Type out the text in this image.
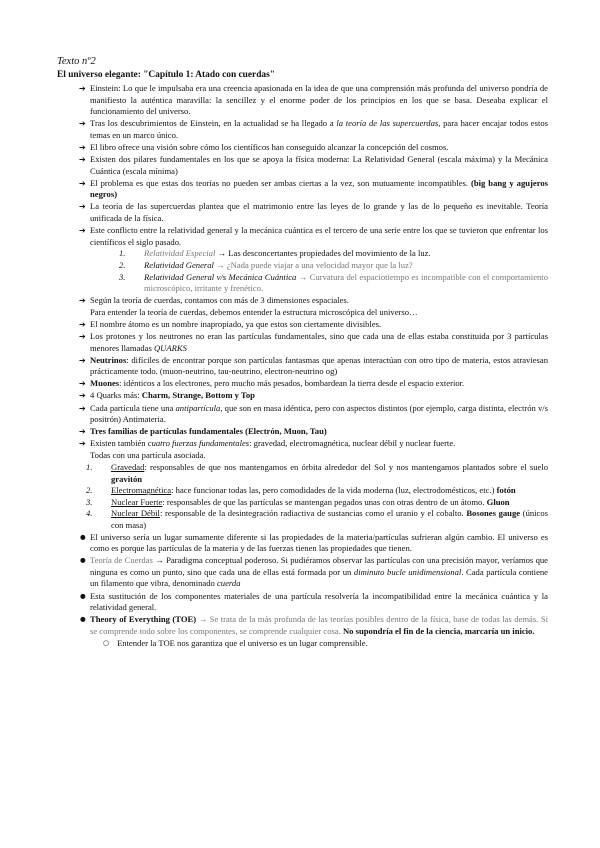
Texto nº2
El universo elegante: "Capítulo 1: Atado con cuerdas"
➔ Einstein: Lo que le impulsaba era una creencia apasionada en la idea de que una comprensión más profunda del universo pondría de manifiesto la auténtica maravilla: la sencillez y el enorme poder de los principios en los que se basa. Deseaba explicar el funcionamiento del universo.
➔ Tras los descubrimientos de Einstein, en la actualidad se ha llegado a la teoría de las supercuerdas, para hacer encajar todos estos temas en un marco único.
➔ El libro ofrece una visión sobre cómo los científicos han conseguido alcanzar la concepción del cosmos.
➔ Existen dos pilares fundamentales en los que se apoya la física moderna: La Relatividad General (escala máxima) y la Mecánica Cuántica (escala mínima)
➔ El problema es que estas dos teorías no pueden ser ambas ciertas a la vez, son mutuamente incompatibles. (big bang y agujeros negros)
➔ La teoría de las supercuerdas plantea que el matrimonio entre las leyes de lo grande y las de lo pequeño es inevitable. Teoría unificada de la física.
➔ Este conflicto entre la relatividad general y la mecánica cuántica es el tercero de una serie entre los que se tuvieron que enfrentar los científicos el siglo pasado.
Relatividad Especial → Las desconcertantes propiedades del movimiento de la luz.
Relatividad General → ¿Nada puede viajar a una velocidad mayor que la luz?
Relatividad General v/s Mecánica Cuántica → Curvatura del espaciotiempo es incompatible con el comportamiento microscópico, irritante y frenético.
➔ Según la teoría de cuerdas, contamos con más de 3 dimensiones espaciales.
Para entender la teoría de cuerdas, debemos entender la estructura microscópica del universo…
➔ El nombre átomo es un nombre inapropiado, ya que estos son ciertamente divisibles.
➔ Los protones y los neutrones no eran las partículas fundamentales, sino que cada una de ellas estaba constituida por 3 partículas menores llamadas QUARKS
➔ Neutrinos: difíciles de encontrar porque son partículas fantasmas que apenas interactúan con otro tipo de materia, estos atraviesan prácticamente todo. (muon-neutrino, tau-neutrino, electron-neutrino og)
➔ Muones: idénticos a los electrones, pero mucho más pesados, bombardean la tierra desde el espacio exterior.
➔ 4 Quarks más: Charm, Strange, Bottom y Top
➔ Cada partícula tiene una antipartícula, que son en masa idéntica, pero con aspectos distintos (por ejemplo, carga distinta, electrón v/s positrón) Antimateria.
➔ Tres familias de partículas fundamentales (Electrón, Muon, Tau)
➔ Existen también cuatro fuerzas fundamentales: gravedad, electromagnética, nuclear débil y nuclear fuerte.
Todas con una partícula asociada.
Gravedad: responsables de que nos mantengamos en órbita alrededor del Sol y nos mantengamos plantados sobre el suelo gravitón
Electromagnética: hace funcionar todas las, pero comodidades de la vida moderna (luz, electrodomésticos, etc.) fotón
Nuclear Fuerte: responsables de que las partículas se mantengan pegados unas con otras dentro de un átomo. Gluon
Nuclear Débil: responsable de la desintegración radiactiva de sustancias como el uranio y el cobalto. Bosones gauge (únicos con masa)
● El universo sería un lugar sumamente diferente si las propiedades de la materia/partículas sufrieran algún cambio. El universo es como es porque las partículas de la materia y de las fuerzas tienen las propiedades que tienen.
● Teoría de Cuerdas → Paradigma conceptual poderoso. Si pudiéramos observar las partículas con una precisión mayor, veríamos que ninguna es como un punto, sino que cada una de ellas está formada por un diminuto bucle unidimensional. Cada partícula contiene un filamento que vibra, denominado cuerda
● Esta sustitución de los componentes materiales de una partícula resolvería la incompatibilidad entre la mecánica cuántica y la relatividad general.
● Theory of Everything (TOE) → Se trata de la más profunda de las teorías posibles dentro de la física, base de todas las demás. Si se comprende todo sobre los componentes, se comprende cualquier cosa. No supondría el fin de la ciencia, marcaría un inicio.
○ Entender la TOE nos garantiza que el universo es un lugar comprensible.
